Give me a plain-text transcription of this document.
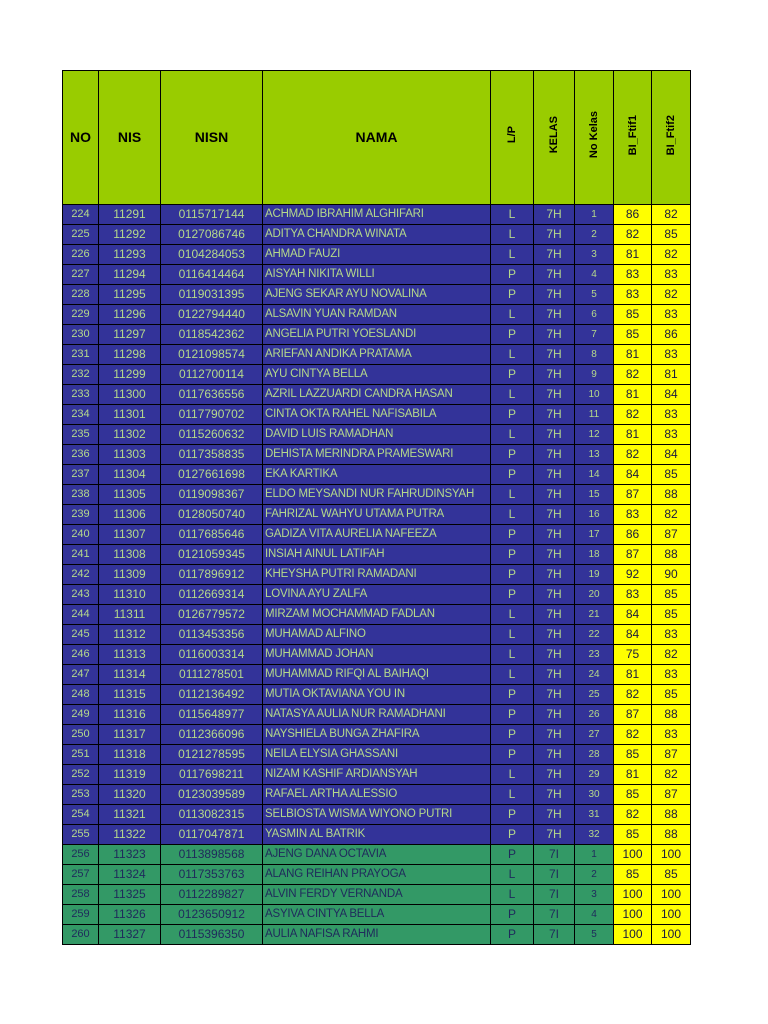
NO	NIS	NISN	NAMA	L/P	KELAS	No Kelas	BI_Ftif1	BI_Ftif2
224	11291	0115717144	ACHMAD IBRAHIM ALGHIFARI	L	7H	1	86	82
225	11292	0127086746	ADITYA CHANDRA WINATA	L	7H	2	82	85
226	11293	0104284053	AHMAD FAUZI	L	7H	3	81	82
227	11294	0116414464	AISYAH NIKITA WILLI	P	7H	4	83	83
228	11295	0119031395	AJENG SEKAR AYU NOVALINA	P	7H	5	83	82
229	11296	0122794440	ALSAVIN YUAN RAMDAN	L	7H	6	85	83
230	11297	0118542362	ANGELIA PUTRI YOESLANDI	P	7H	7	85	86
231	11298	0121098574	ARIEFAN ANDIKA PRATAMA	L	7H	8	81	83
232	11299	0112700114	AYU CINTYA BELLA	P	7H	9	82	81
233	11300	0117636556	AZRIL LAZZUARDI CANDRA HASAN	L	7H	10	81	84
234	11301	0117790702	CINTA OKTA RAHEL NAFISABILA	P	7H	11	82	83
235	11302	0115260632	DAVID LUIS RAMADHAN	L	7H	12	81	83
236	11303	0117358835	DEHISTA MERINDRA PRAMESWARI	P	7H	13	82	84
237	11304	0127661698	EKA KARTIKA	P	7H	14	84	85
238	11305	0119098367	ELDO MEYSANDI NUR FAHRUDINSYAH	L	7H	15	87	88
239	11306	0128050740	FAHRIZAL WAHYU UTAMA PUTRA	L	7H	16	83	82
240	11307	0117685646	GADIZA VITA AURELIA NAFEEZA	P	7H	17	86	87
241	11308	0121059345	INSIAH AINUL LATIFAH	P	7H	18	87	88
242	11309	0117896912	KHEYSHA PUTRI RAMADANI	P	7H	19	92	90
243	11310	0112669314	LOVINA AYU ZALFA	P	7H	20	83	85
244	11311	0126779572	MIRZAM MOCHAMMAD FADLAN	L	7H	21	84	85
245	11312	0113453356	MUHAMAD ALFINO	L	7H	22	84	83
246	11313	0116003314	MUHAMMAD JOHAN	L	7H	23	75	82
247	11314	0111278501	MUHAMMAD RIFQI AL BAIHAQI	L	7H	24	81	83
248	11315	0112136492	MUTIA OKTAVIANA YOU IN	P	7H	25	82	85
249	11316	0115648977	NATASYA AULIA NUR RAMADHANI	P	7H	26	87	88
250	11317	0112366096	NAYSHIELA BUNGA ZHAFIRA	P	7H	27	82	83
251	11318	0121278595	NEILA ELYSIA GHASSANI	P	7H	28	85	87
252	11319	0117698211	NIZAM KASHIF ARDIANSYAH	L	7H	29	81	82
253	11320	0123039589	RAFAEL ARTHA ALESSIO	L	7H	30	85	87
254	11321	0113082315	SELBIOSTA WISMA WIYONO PUTRI	P	7H	31	82	88
255	11322	0117047871	YASMIN AL BATRIK	P	7H	32	85	88
256	11323	0113898568	AJENG DANA OCTAVIA	P	7I	1	100	100
257	11324	0117353763	ALANG REIHAN PRAYOGA	L	7I	2	85	85
258	11325	0112289827	ALVIN FERDY VERNANDA	L	7I	3	100	100
259	11326	0123650912	ASYIVA CINTYA BELLA	P	7I	4	100	100
260	11327	0115396350	AULIA NAFISA RAHMI	P	7I	5	100	100
